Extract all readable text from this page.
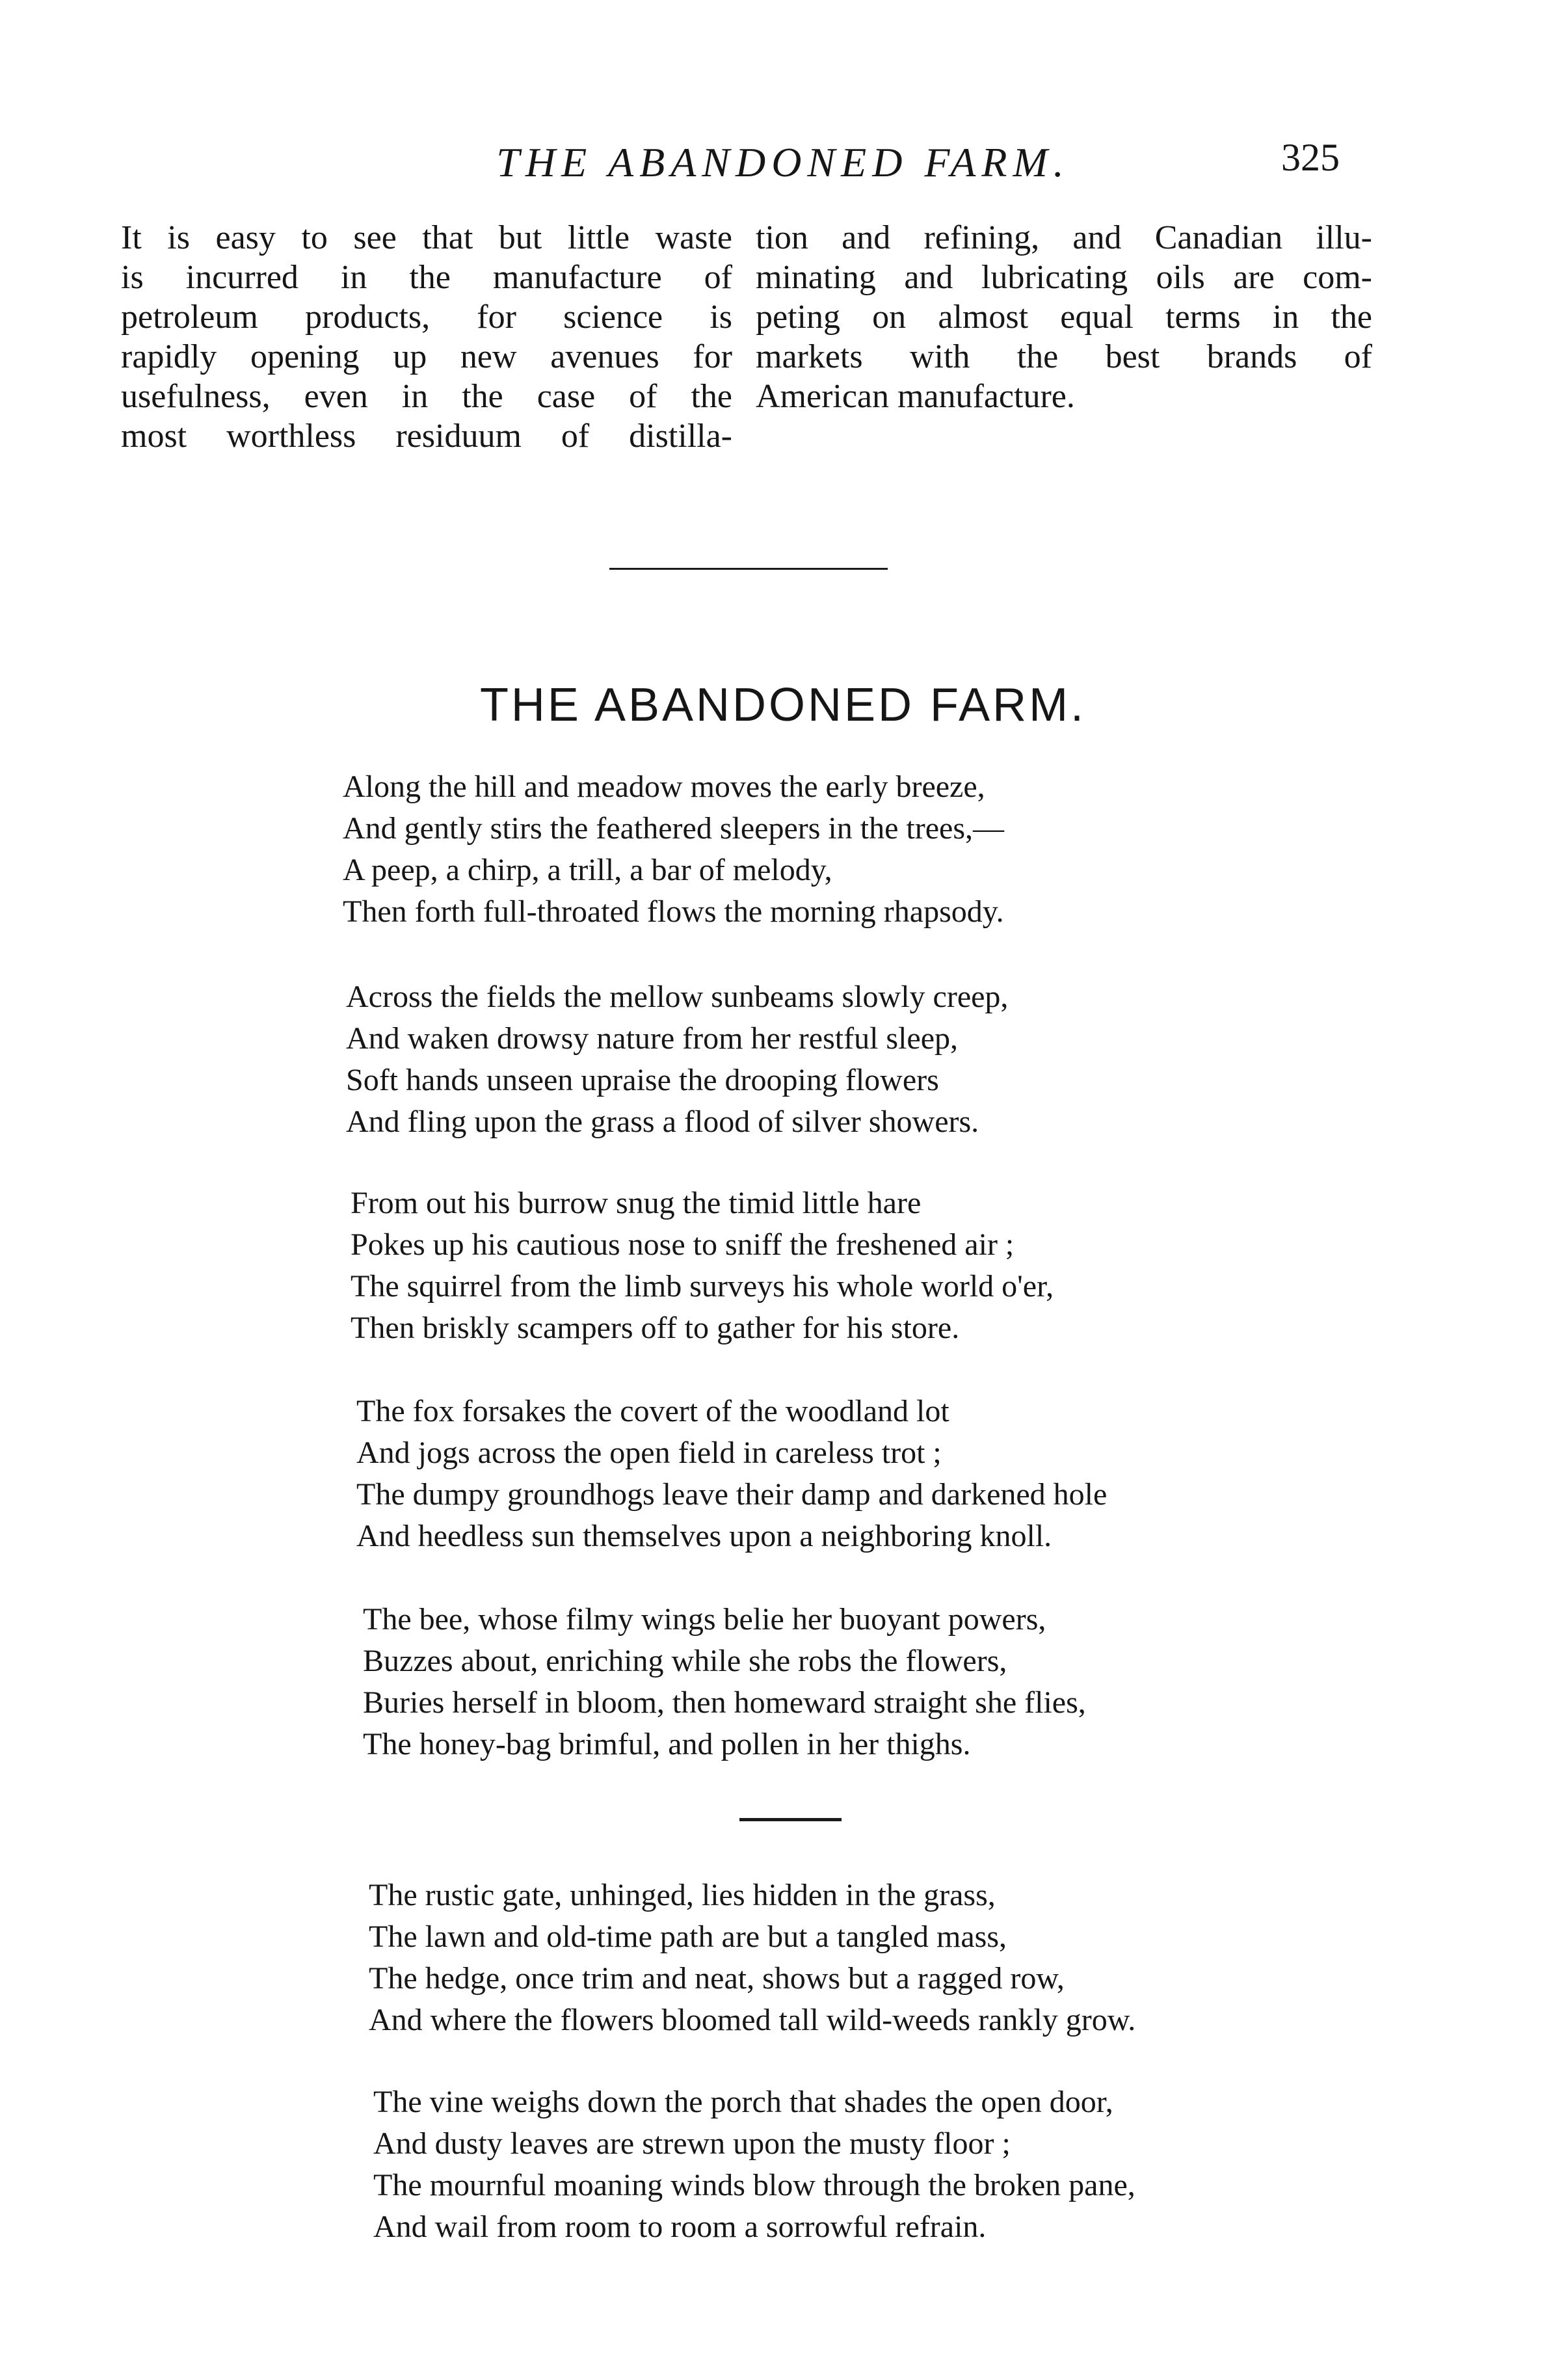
THE ABANDONED FARM.	325
It is easy to see that but little waste
is incurred in the manufacture of
petroleum products, for science is
rapidly opening up new avenues for
usefulness, even in the case of the
most worthless residuum of distilla-
tion and refining, and Canadian illu-
minating and lubricating oils are com-
peting on almost equal terms in the
markets with the best brands of
American manufacture.
THE ABANDONED FARM.
Along the hill and meadow moves the early breeze,
And gently stirs the feathered sleepers in the trees,—
A peep, a chirp, a trill, a bar of melody,
Then forth full-throated flows the morning rhapsody.
Across the fields the mellow sunbeams slowly creep,
And waken drowsy nature from her restful sleep,
Soft hands unseen upraise the drooping flowers
And fling upon the grass a flood of silver showers.
From out his burrow snug the timid little hare
Pokes up his cautious nose to sniff the freshened air ;
The squirrel from the limb surveys his whole world o'er,
Then briskly scampers off to gather for his store.
The fox forsakes the covert of the woodland lot
And jogs across the open field in careless trot ;
The dumpy groundhogs leave their damp and darkened hole
And heedless sun themselves upon a neighboring knoll.
The bee, whose filmy wings belie her buoyant powers,
Buzzes about, enriching while she robs the flowers,
Buries herself in bloom, then homeward straight she flies,
The honey-bag brimful, and pollen in her thighs.
The rustic gate, unhinged, lies hidden in the grass,
The lawn and old-time path are but a tangled mass,
The hedge, once trim and neat, shows but a ragged row,
And where the flowers bloomed tall wild-weeds rankly grow.
The vine weighs down the porch that shades the open door,
And dusty leaves are strewn upon the musty floor ;
The mournful moaning winds blow through the broken pane,
And wail from room to room a sorrowful refrain.
